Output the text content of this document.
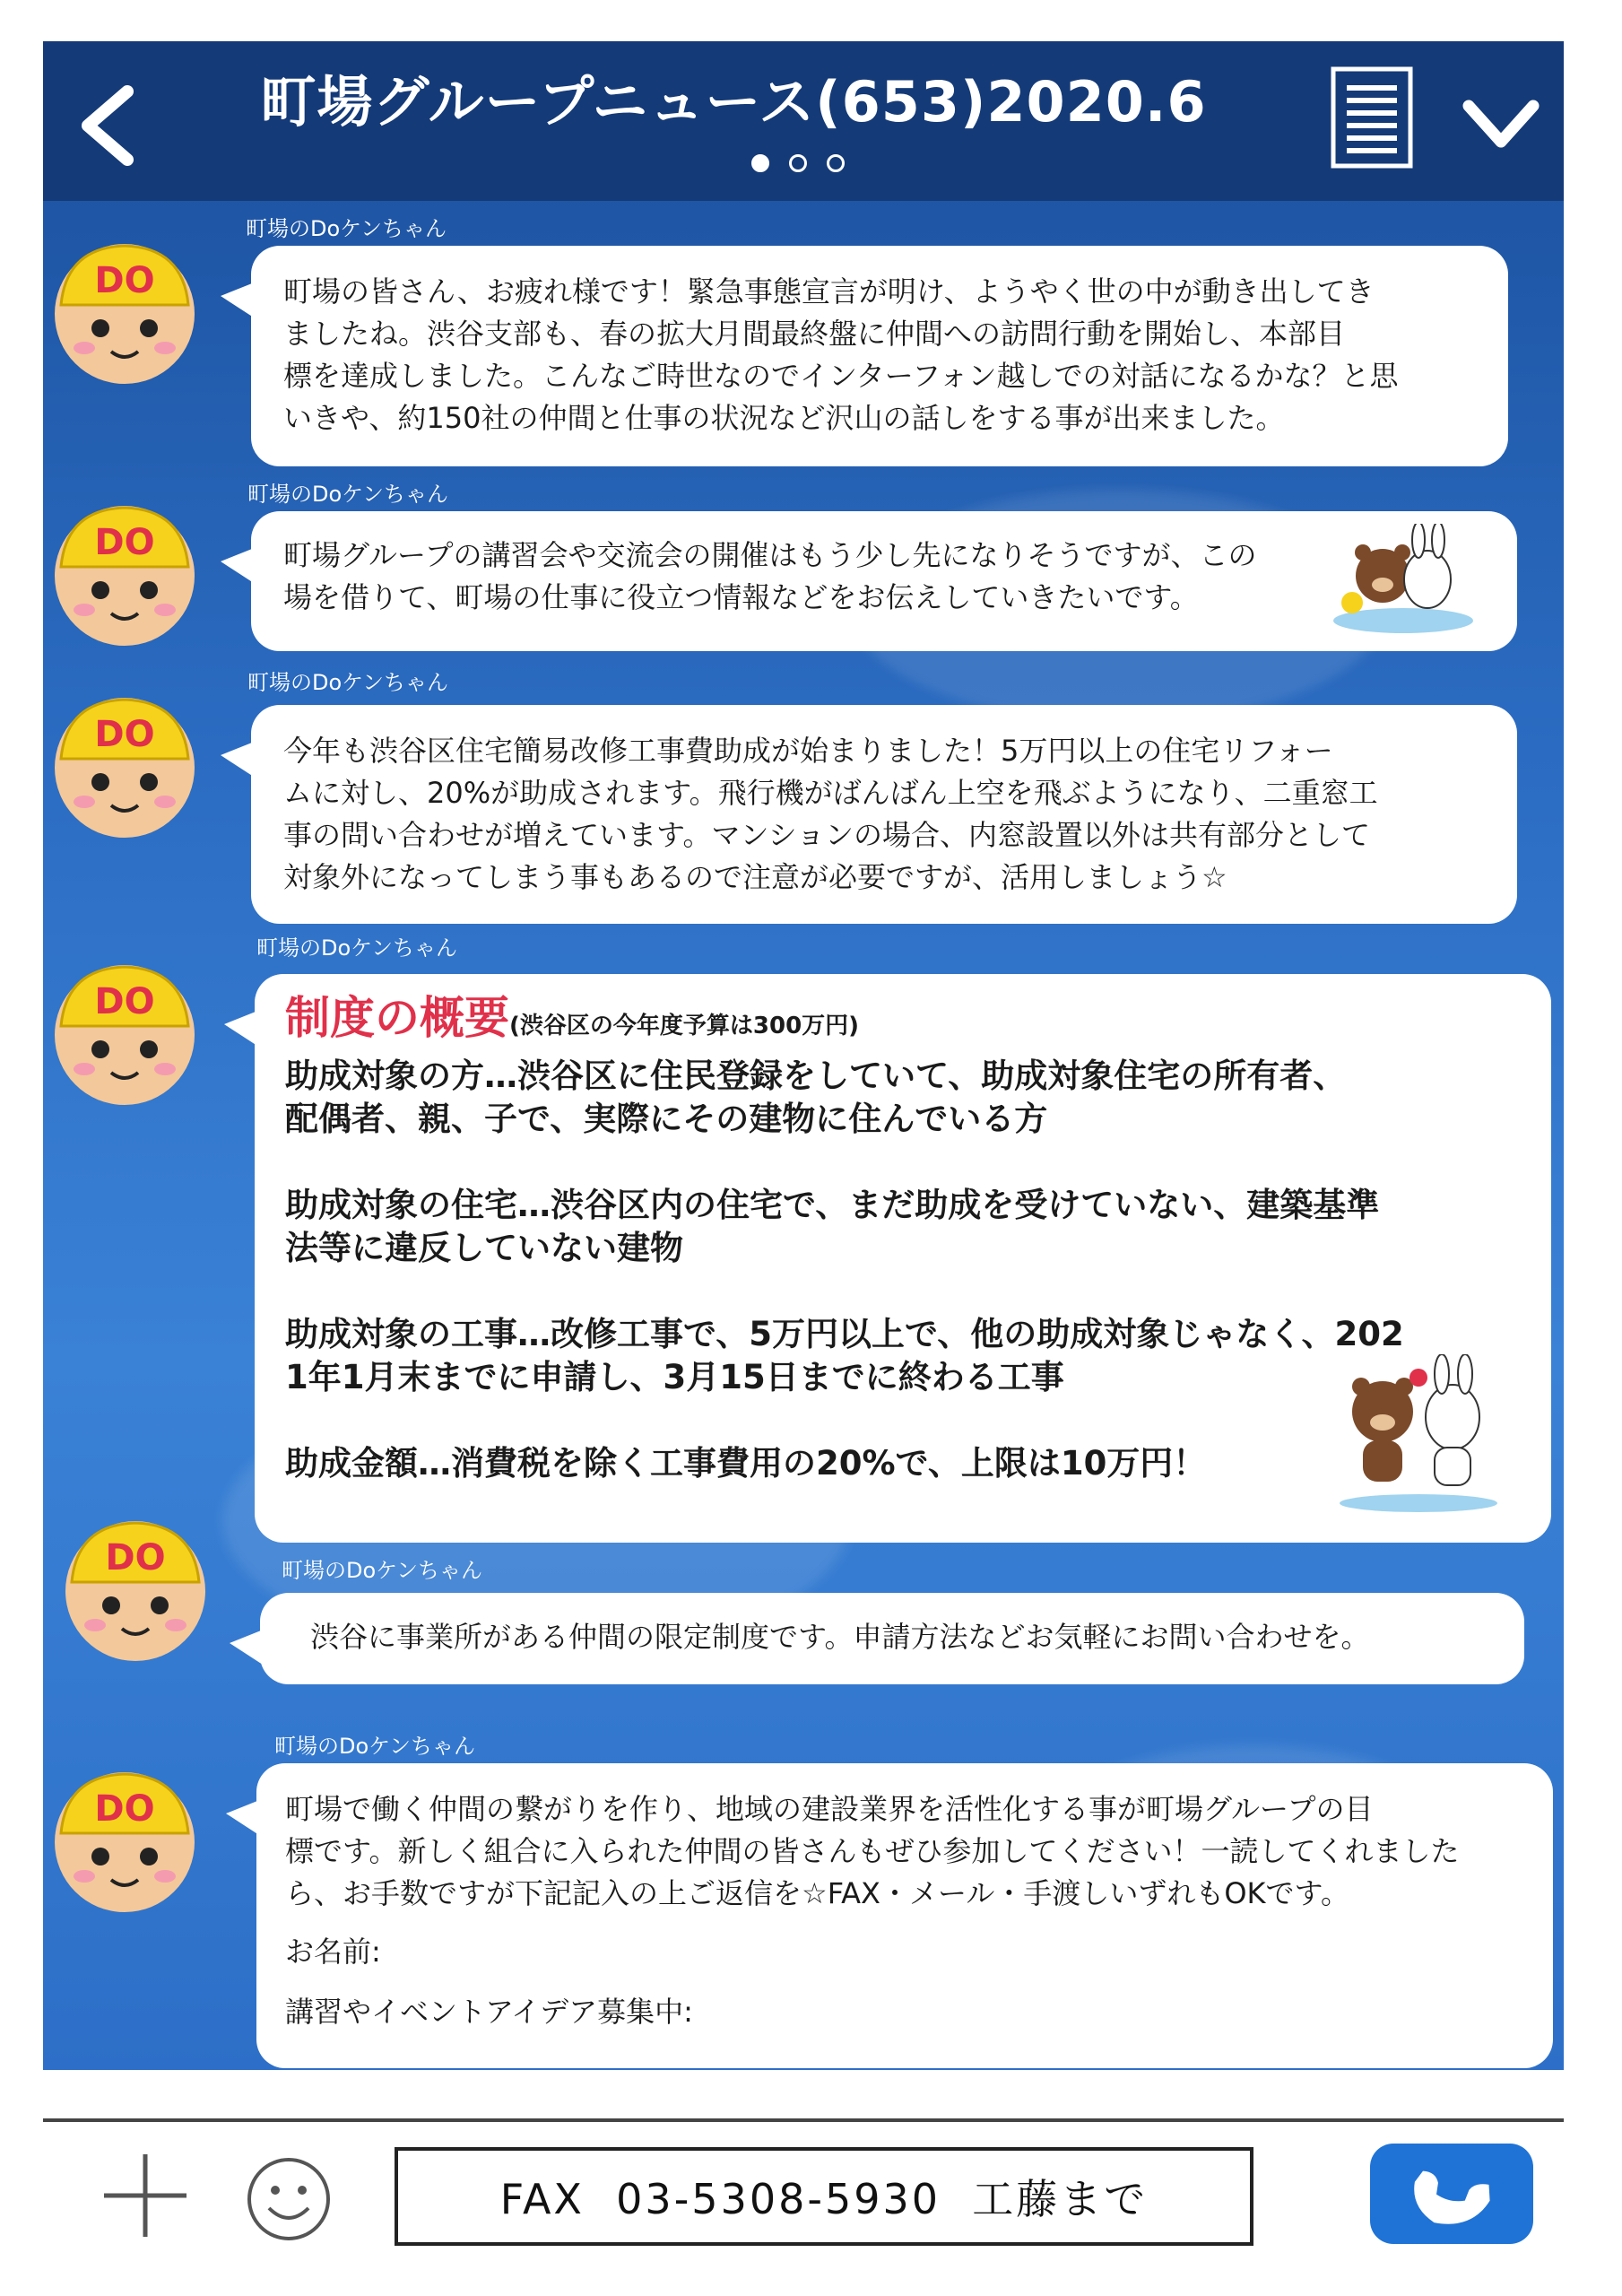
町場グループニュース(653)2020.6
町場のDoケンちゃん
DO	町場の皆さん、お疲れ様です！緊急事態宣言が明け、ようやく世の中が動き出してき
ましたね。渋谷支部も、春の拡大月間最終盤に仲間への訪問行動を開始し、本部目
標を達成しました。こんなご時世なのでインターフォン越しでの対話になるかな？と思
いきや、約150社の仲間と仕事の状況など沢山の話しをする事が出来ました。
町場のDoケンちゃん
DO	町場グループの講習会や交流会の開催はもう少し先になりそうですが、この
場を借りて、町場の仕事に役立つ情報などをお伝えしていきたいです。
町場のDoケンちゃん
DO	今年も渋谷区住宅簡易改修工事費助成が始まりました！5万円以上の住宅リフォー
ムに対し、20%が助成されます。飛行機がばんばん上空を飛ぶようになり、二重窓工
事の問い合わせが増えています。マンションの場合、内窓設置以外は共有部分として
対象外になってしまう事もあるので注意が必要ですが、活用しましょう☆
町場のDoケンちゃん
DO	制度の概要(渋谷区の今年度予算は300万円)
助成対象の方…渋谷区に住民登録をしていて、助成対象住宅の所有者、
配偶者、親、子で、実際にその建物に住んでいる方

助成対象の住宅…渋谷区内の住宅で、まだ助成を受けていない、建築基準
法等に違反していない建物

助成対象の工事…改修工事で、5万円以上で、他の助成対象じゃなく、202
1年1月末までに申請し、3月15日までに終わる工事

助成金額…消費税を除く工事費用の20%で、上限は10万円！
町場のDoケンちゃん
DO
渋谷に事業所がある仲間の限定制度です。申請方法などお気軽にお問い合わせを。
町場のDoケンちゃん
DO	町場で働く仲間の繋がりを作り、地域の建設業界を活性化する事が町場グループの目
標です。新しく組合に入られた仲間の皆さんもぜひ参加してください！一読してくれました
ら、お手数ですが下記記入の上ご返信を☆FAX・メール・手渡しいずれもOKです。
お名前:
講習やイベントアイデア募集中:
FAX  03-5308-5930  工藤まで
